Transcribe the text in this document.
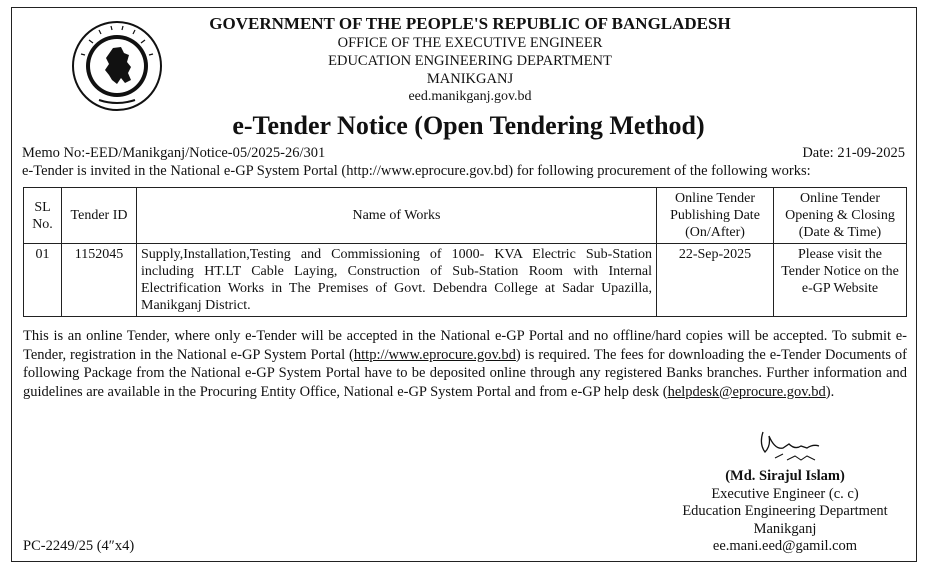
GOVERNMENT OF THE PEOPLE'S REPUBLIC OF BANGLADESH
OFFICE OF THE EXECUTIVE ENGINEER
EDUCATION ENGINEERING DEPARTMENT
MANIKGANJ
eed.manikganj.gov.bd
e-Tender Notice (Open Tendering Method)
Memo No:-EED/Manikganj/Notice-05/2025-26/301	Date: 21-09-2025
e-Tender is invited in the National e-GP System Portal (http://www.eprocure.gov.bd) for following procurement of the following works:
SL No.	Tender ID	Name of Works	Online Tender Publishing Date (On/After)	Online Tender Opening & Closing (Date & Time)
01	1152045	Supply,Installation,Testing and Commissioning of 1000- KVA Electric Sub-Station including HT.LT Cable Laying, Construction of Sub-Station Room with Internal Electrification Works in The Premises of Govt. Debendra College at Sadar Upazilla, Manikganj District.	22-Sep-2025	Please visit the Tender Notice on the e-GP Website
This is an online Tender, where only e-Tender will be accepted in the National e-GP Portal and no offline/hard copies will be accepted. To submit e-Tender, registration in the National e-GP System Portal (http://www.eprocure.gov.bd) is required. The fees for downloading the e-Tender Documents of following Package from the National e-GP System Portal have to be deposited online through any registered Banks branches. Further information and guidelines are available in the Procuring Entity Office, National e-GP System Portal and from e-GP help desk (helpdesk@eprocure.gov.bd).
(Md. Sirajul Islam)
Executive Engineer (c. c)
Education Engineering Department
Manikganj
ee.mani.eed@gamil.com
PC-2249/25 (4″x4)
